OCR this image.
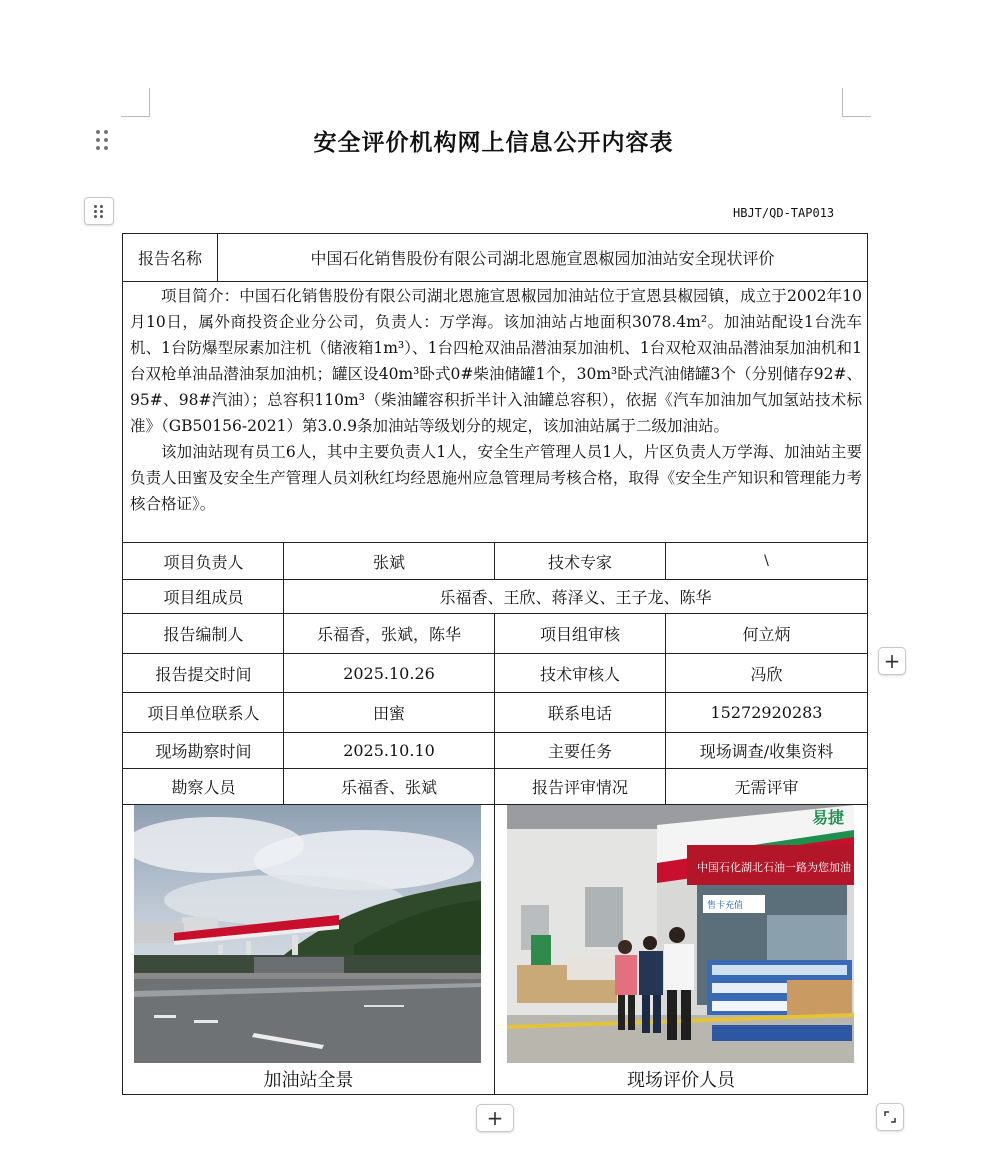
安全评价机构网上信息公开内容表
HBJT/QD-TAP013
报告名称	中国石化销售股份有限公司湖北恩施宣恩椒园加油站安全现状评价

项目简介：中国石化销售股份有限公司湖北恩施宣恩椒园加油站位于宣恩县椒园镇，成立于2002年10月10日，属外商投资企业分公司，负责人：万学海。该加油站占地面积3078.4m²。加油站配设1台洗车机、1台防爆型尿素加注机（储液箱1m³）、1台四枪双油品潜油泵加油机、1台双枪双油品潜油泵加油机和1台双枪单油品潜油泵加油机；罐区设40m³卧式0#柴油储罐1个，30m³卧式汽油储罐3个（分别储存92#、95#、98#汽油）；总容积110m³（柴油罐容积折半计入油罐总容积），依据《汽车加油加气加氢站技术标准》（GB50156-2021）第3.0.9条加油站等级划分的规定，该加油站属于二级加油站。

该加油站现有员工6人，其中主要负责人1人，安全生产管理人员1人，片区负责人万学海、加油站主要负责人田蜜及安全生产管理人员刘秋红均经恩施州应急管理局考核合格，取得《安全生产知识和管理能力考核合格证》。

项目负责人	张斌	技术专家	\
项目组成员	乐福香、王欣、蒋泽义、王子龙、陈华
报告编制人	乐福香，张斌，陈华	项目组审核	何立炳
报告提交时间	2025.10.26	技术审核人	冯欣
项目单位联系人	田蜜	联系电话	15272920283
现场勘察时间	2025.10.10	主要任务	现场调查/收集资料
勘察人员	乐福香、张斌	报告评审情况	无需评审
中国石化湖北石油一路为您加油
易捷
售卡充值
加油站全景	现场评价人员
+
+
